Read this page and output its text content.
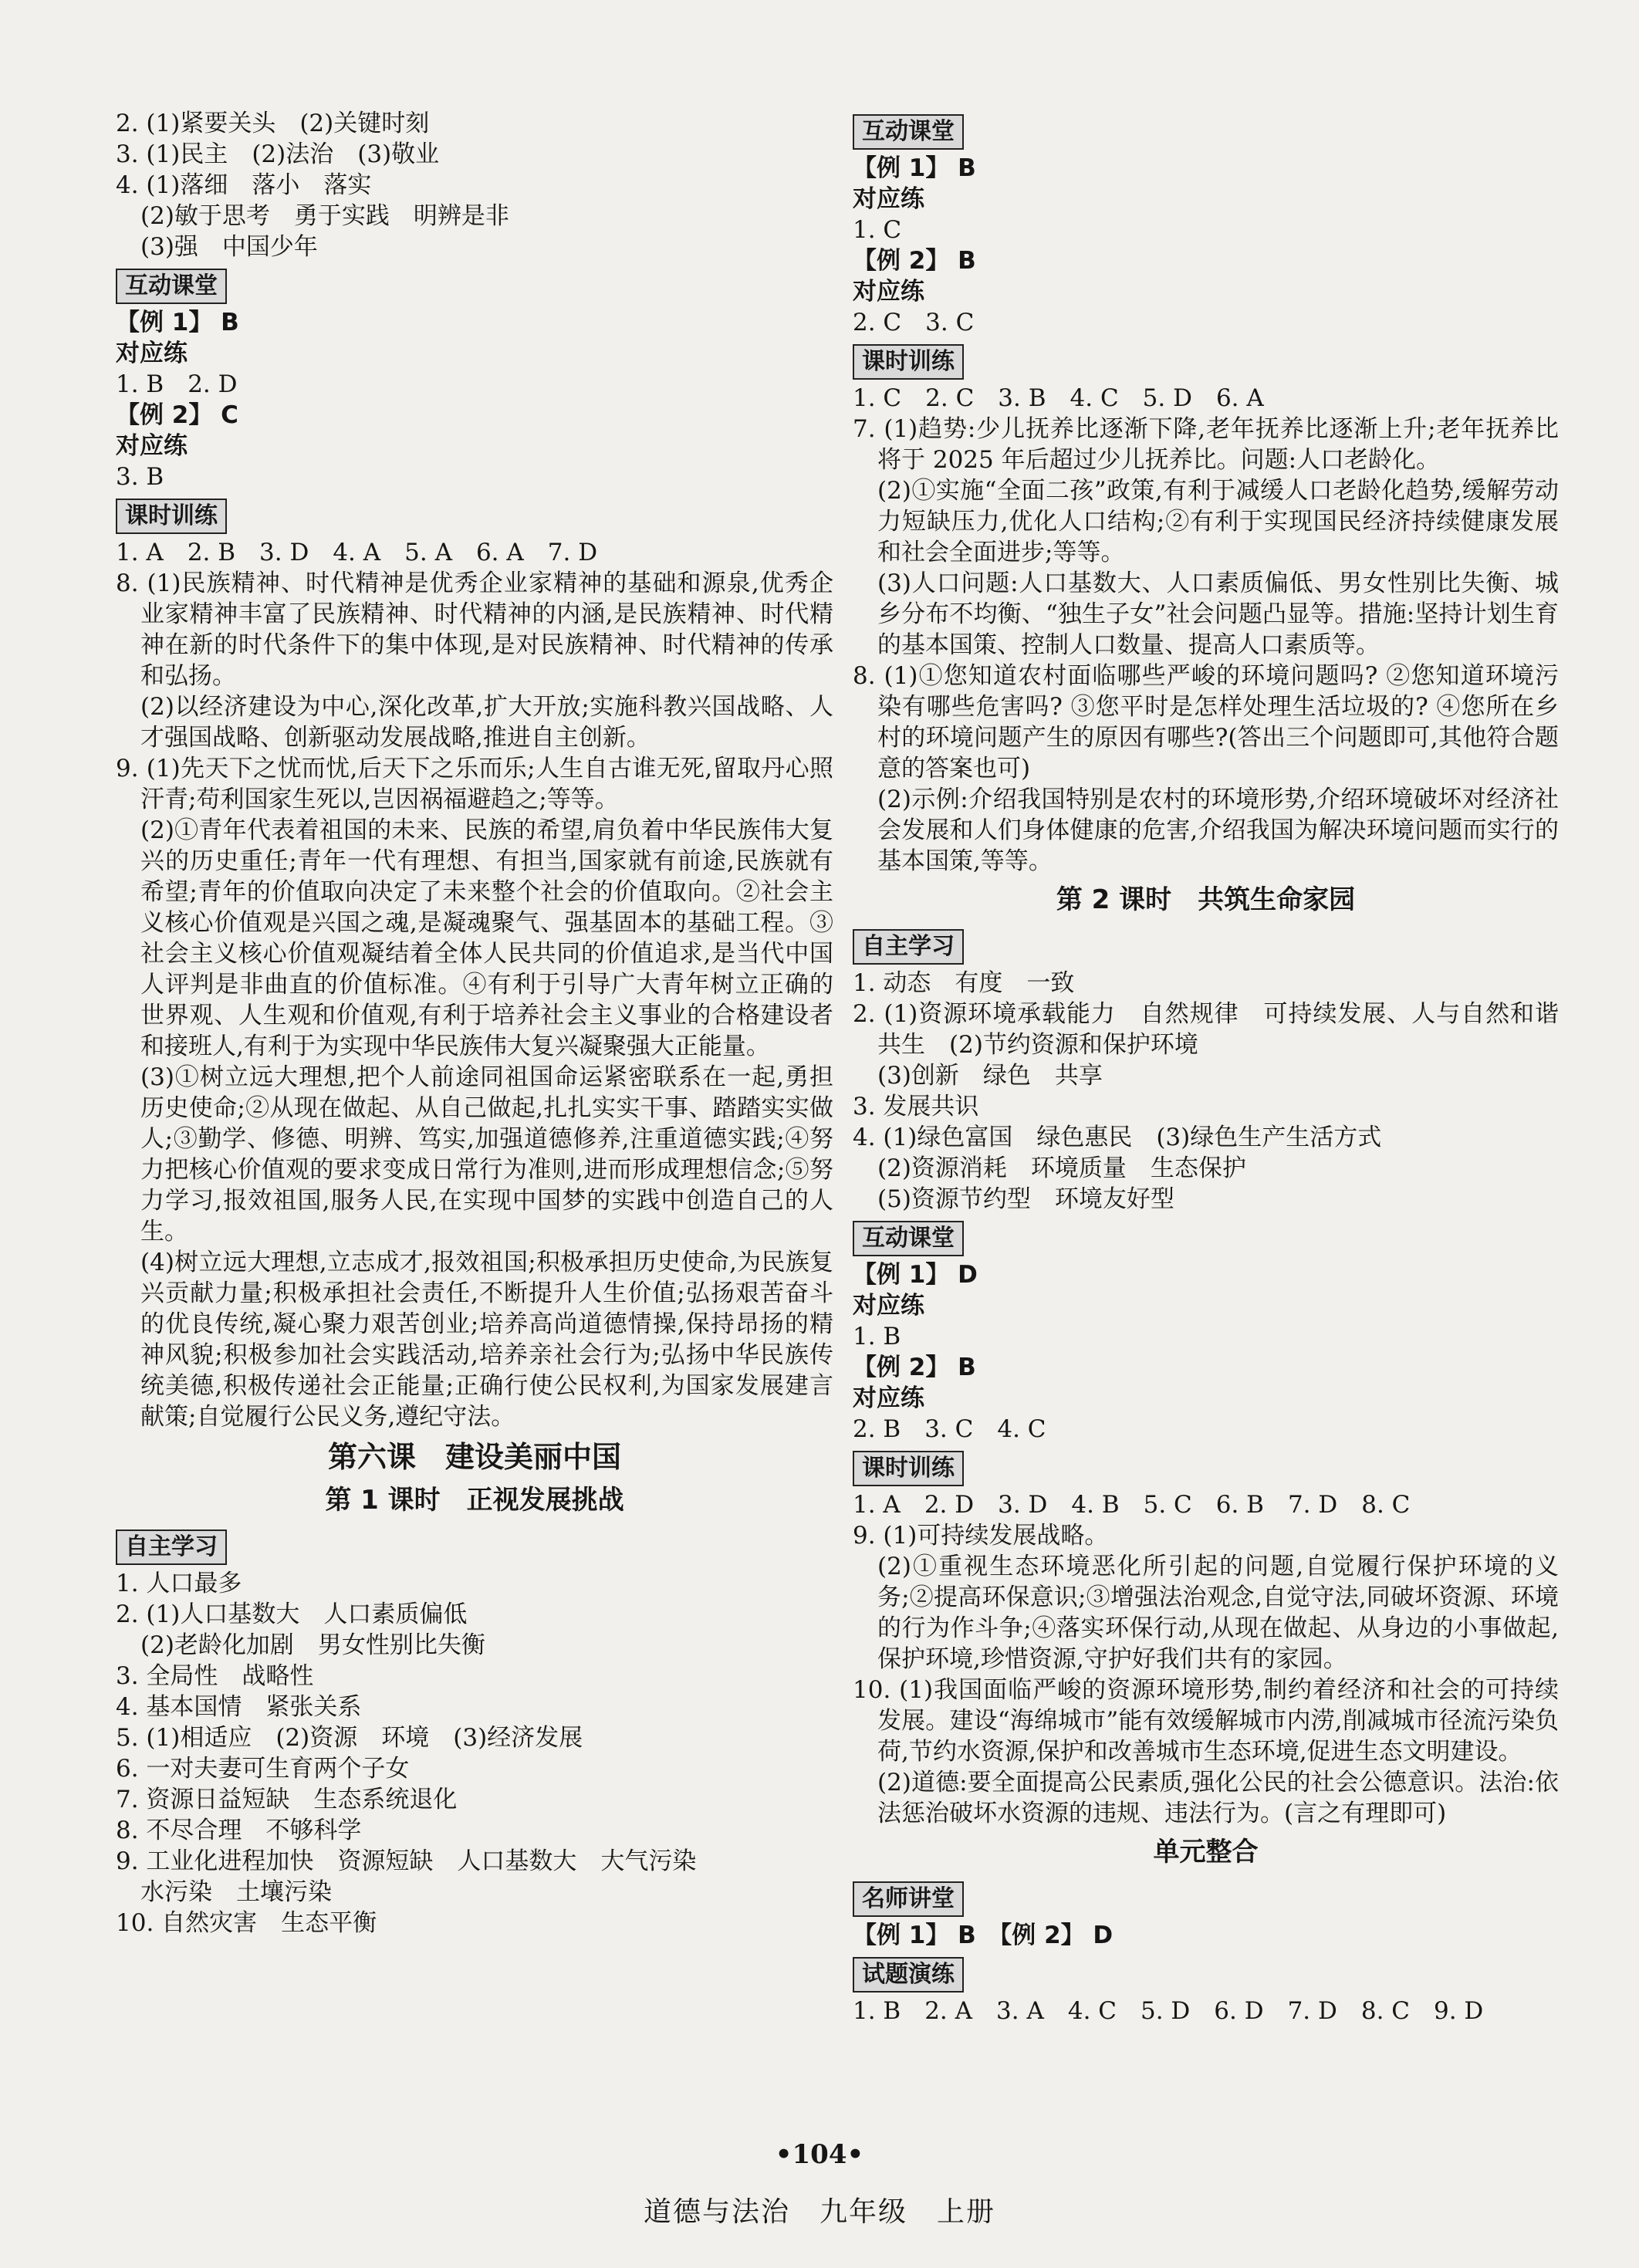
2. (1)紧要关头　(2)关键时刻
3. (1)民主　(2)法治　(3)敬业
4. (1)落细　落小　落实
(2)敏于思考　勇于实践　明辨是非
(3)强　中国少年
互动课堂
【例 1】 B
对应练
1. B　2. D
【例 2】 C
对应练
3. B
课时训练
1. A　2. B　3. D　4. A　5. A　6. A　7. D
8. (1)民族精神、时代精神是优秀企业家精神的基础和源泉,优秀企业家精神丰富了民族精神、时代精神的内涵,是民族精神、时代精神在新的时代条件下的集中体现,是对民族精神、时代精神的传承和弘扬。
(2)以经济建设为中心,深化改革,扩大开放;实施科教兴国战略、人才强国战略、创新驱动发展战略,推进自主创新。
9. (1)先天下之忧而忧,后天下之乐而乐;人生自古谁无死,留取丹心照汗青;苟利国家生死以,岂因祸福避趋之;等等。
(2)①青年代表着祖国的未来、民族的希望,肩负着中华民族伟大复兴的历史重任;青年一代有理想、有担当,国家就有前途,民族就有希望;青年的价值取向决定了未来整个社会的价值取向。②社会主义核心价值观是兴国之魂,是凝魂聚气、强基固本的基础工程。③社会主义核心价值观凝结着全体人民共同的价值追求,是当代中国人评判是非曲直的价值标准。④有利于引导广大青年树立正确的世界观、人生观和价值观,有利于培养社会主义事业的合格建设者和接班人,有利于为实现中华民族伟大复兴凝聚强大正能量。
(3)①树立远大理想,把个人前途同祖国命运紧密联系在一起,勇担历史使命;②从现在做起、从自己做起,扎扎实实干事、踏踏实实做人;③勤学、修德、明辨、笃实,加强道德修养,注重道德实践;④努力把核心价值观的要求变成日常行为准则,进而形成理想信念;⑤努力学习,报效祖国,服务人民,在实现中国梦的实践中创造自己的人生。
(4)树立远大理想,立志成才,报效祖国;积极承担历史使命,为民族复兴贡献力量;积极承担社会责任,不断提升人生价值;弘扬艰苦奋斗的优良传统,凝心聚力艰苦创业;培养高尚道德情操,保持昂扬的精神风貌;积极参加社会实践活动,培养亲社会行为;弘扬中华民族传统美德,积极传递社会正能量;正确行使公民权利,为国家发展建言献策;自觉履行公民义务,遵纪守法。
第六课　建设美丽中国
第 1 课时　正视发展挑战
自主学习
1. 人口最多
2. (1)人口基数大　人口素质偏低
(2)老龄化加剧　男女性别比失衡
3. 全局性　战略性
4. 基本国情　紧张关系
5. (1)相适应　(2)资源　环境　(3)经济发展
6. 一对夫妻可生育两个子女
7. 资源日益短缺　生态系统退化
8. 不尽合理　不够科学
9. 工业化进程加快　资源短缺　人口基数大　大气污染
水污染　土壤污染
10. 自然灾害　生态平衡
互动课堂
【例 1】 B
对应练
1. C
【例 2】 B
对应练
2. C　3. C
课时训练
1. C　2. C　3. B　4. C　5. D　6. A
7. (1)趋势:少儿抚养比逐渐下降,老年抚养比逐渐上升;老年抚养比将于 2025 年后超过少儿抚养比。问题:人口老龄化。
(2)①实施“全面二孩”政策,有利于减缓人口老龄化趋势,缓解劳动力短缺压力,优化人口结构;②有利于实现国民经济持续健康发展和社会全面进步;等等。
(3)人口问题:人口基数大、人口素质偏低、男女性别比失衡、城乡分布不均衡、“独生子女”社会问题凸显等。措施:坚持计划生育的基本国策、控制人口数量、提高人口素质等。
8. (1)①您知道农村面临哪些严峻的环境问题吗? ②您知道环境污染有哪些危害吗? ③您平时是怎样处理生活垃圾的? ④您所在乡村的环境问题产生的原因有哪些?(答出三个问题即可,其他符合题意的答案也可)
(2)示例:介绍我国特别是农村的环境形势,介绍环境破坏对经济社会发展和人们身体健康的危害,介绍我国为解决环境问题而实行的基本国策,等等。
第 2 课时　共筑生命家园
自主学习
1. 动态　有度　一致
2. (1)资源环境承载能力　自然规律　可持续发展、人与自然和谐共生　(2)节约资源和保护环境
(3)创新　绿色　共享
3. 发展共识
4. (1)绿色富国　绿色惠民　(3)绿色生产生活方式
(2)资源消耗　环境质量　生态保护
(5)资源节约型　环境友好型
互动课堂
【例 1】 D
对应练
1. B
【例 2】 B
对应练
2. B　3. C　4. C
课时训练
1. A　2. D　3. D　4. B　5. C　6. B　7. D　8. C
9. (1)可持续发展战略。
(2)①重视生态环境恶化所引起的问题,自觉履行保护环境的义务;②提高环保意识;③增强法治观念,自觉守法,同破坏资源、环境的行为作斗争;④落实环保行动,从现在做起、从身边的小事做起,保护环境,珍惜资源,守护好我们共有的家园。
10. (1)我国面临严峻的资源环境形势,制约着经济和社会的可持续发展。建设“海绵城市”能有效缓解城市内涝,削减城市径流污染负荷,节约水资源,保护和改善城市生态环境,促进生态文明建设。
(2)道德:要全面提高公民素质,强化公民的社会公德意识。法治:依法惩治破坏水资源的违规、违法行为。(言之有理即可)
单元整合
名师讲堂
【例 1】 B　【例 2】 D
试题演练
1. B　2. A　3. A　4. C　5. D　6. D　7. D　8. C　9. D
•104•
道德与法治　九年级　上册
